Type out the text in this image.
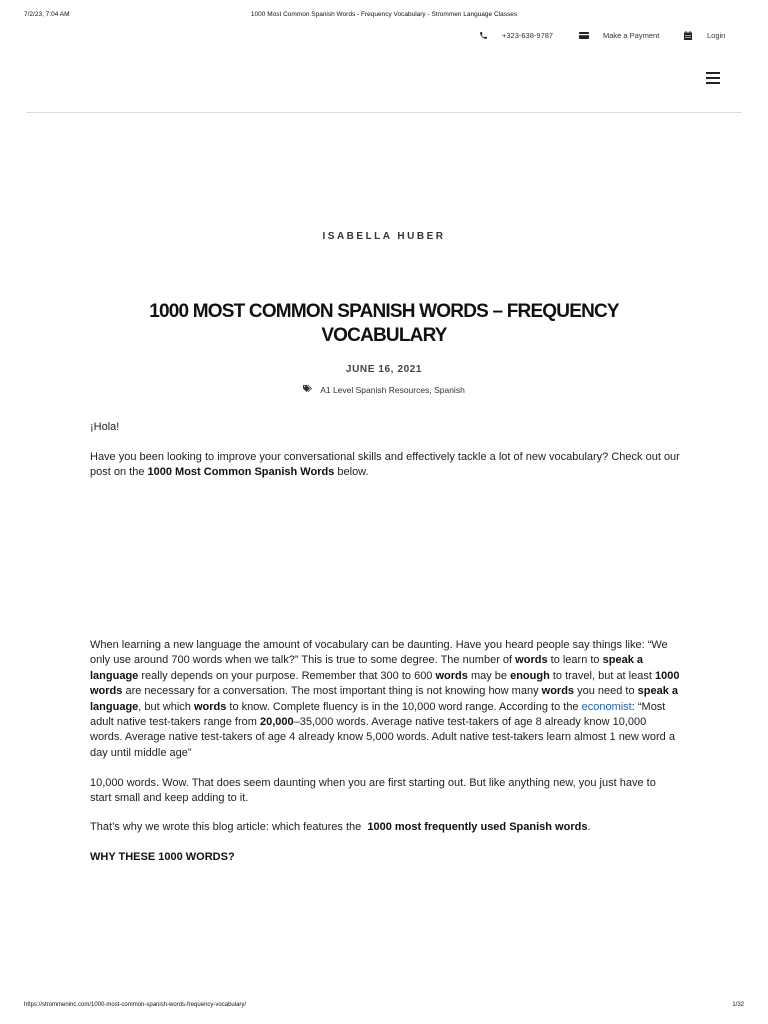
7/2/23, 7:04 AM	1000 Most Common Spanish Words - Frequency Vocabulary - Strommen Language Classes
+323-638-9787	Make a Payment	Login
ISABELLA HUBER
1000 MOST COMMON SPANISH WORDS – FREQUENCY VOCABULARY
JUNE 16, 2021
A1 Level Spanish Resources , Spanish

¡Hola!

Have you been looking to improve your conversational skills and effectively tackle a lot of new vocabulary? Check out our post on the 1000 Most Common Spanish Words below.

When learning a new language the amount of vocabulary can be daunting. Have you heard people say things like: “We only use around 700 words when we talk?” This is true to some degree. The number of words to learn to speak a language really depends on your purpose. Remember that 300 to 600 words may be enough to travel, but at least 1000 words are necessary for a conversation. The most important thing is not knowing how many words you need to speak a language, but which words to know. Complete fluency is in the 10,000 word range. According to the economist: “Most adult native test-takers range from 20,000–35,000 words. Average native test-takers of age 8 already know 10,000 words. Average native test-takers of age 4 already know 5,000 words. Adult native test-takers learn almost 1 new word a day until middle age”

10,000 words. Wow. That does seem daunting when you are first starting out. But like anything new, you just have to start small and keep adding to it.

That’s why we wrote this blog article: which features the  1000 most frequently used Spanish words.

WHY THESE 1000 WORDS?

https://strommeninc.com/1000-most-common-spanish-words-frequency-vocabulary/	1/32
